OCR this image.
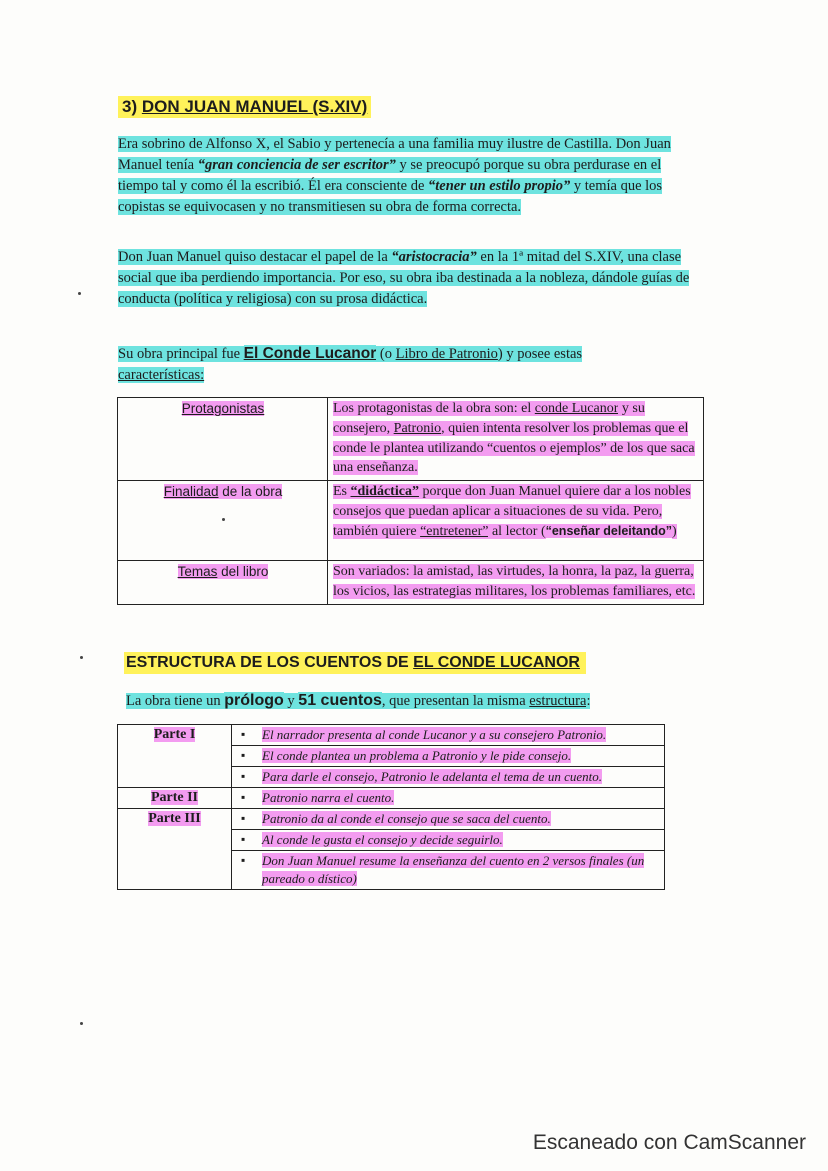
3) DON JUAN MANUEL (S.XIV)
Era sobrino de Alfonso X, el Sabio y pertenecía a una familia muy ilustre de Castilla. Don Juan Manuel tenía “gran conciencia de ser escritor” y se preocupó porque su obra perdurase en el tiempo tal y como él la escribió. Él era consciente de “tener un estilo propio” y temía que los copistas se equivocasen y no transmitiesen su obra de forma correcta.
Don Juan Manuel quiso destacar el papel de la “aristocracia” en la 1ª mitad del S.XIV, una clase social que iba perdiendo importancia. Por eso, su obra iba destinada a la nobleza, dándole guías de conducta (política y religiosa) con su prosa didáctica.
Su obra principal fue El Conde Lucanor (o Libro de Patronio) y posee estas
características:
Protagonistas	Los protagonistas de la obra son: el conde Lucanor y su consejero, Patronio, quien intenta resolver los problemas que el conde le plantea utilizando “cuentos o ejemplos” de los que saca una enseñanza.
Finalidad de la obra	Es “didáctica” porque don Juan Manuel quiere dar a los nobles consejos que puedan aplicar a situaciones de su vida. Pero, también quiere “entretener” al lector (“enseñar deleitando”)
Temas del libro	Son variados: la amistad, las virtudes, la honra, la paz, la guerra, los vicios, las estrategias militares, los problemas familiares, etc.
ESTRUCTURA DE LOS CUENTOS DE EL CONDE LUCANOR
La obra tiene un prólogo y 51 cuentos, que presentan la misma estructura:
Parte I	▪ El narrador presenta al conde Lucanor y a su consejero Patronio.
	▪ El conde plantea un problema a Patronio y le pide consejo.
	▪ Para darle el consejo, Patronio le adelanta el tema de un cuento.
Parte II	▪ Patronio narra el cuento.
Parte III	▪ Patronio da al conde el consejo que se saca del cuento.
	▪ Al conde le gusta el consejo y decide seguirlo.
	▪ Don Juan Manuel resume la enseñanza del cuento en 2 versos finales (un pareado o dístico)
Escaneado con CamScanner
